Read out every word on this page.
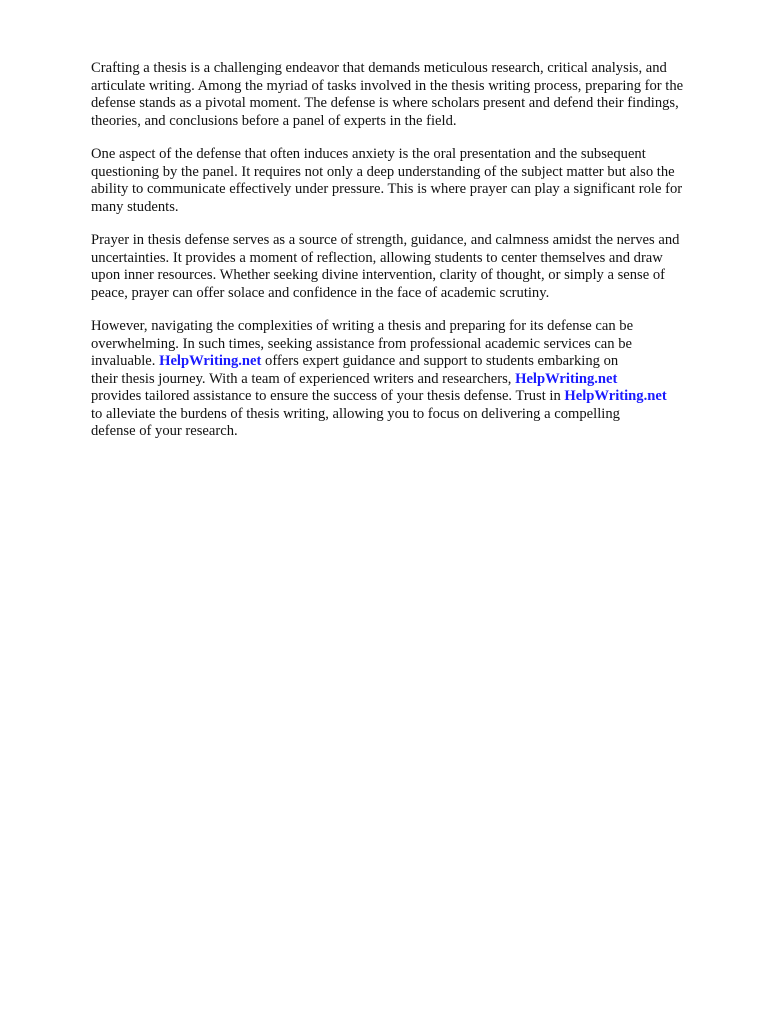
Crafting a thesis is a challenging endeavor that demands meticulous research, critical analysis, and
articulate writing. Among the myriad of tasks involved in the thesis writing process, preparing for the
defense stands as a pivotal moment. The defense is where scholars present and defend their findings,
theories, and conclusions before a panel of experts in the field.

One aspect of the defense that often induces anxiety is the oral presentation and the subsequent
questioning by the panel. It requires not only a deep understanding of the subject matter but also the
ability to communicate effectively under pressure. This is where prayer can play a significant role for
many students.

Prayer in thesis defense serves as a source of strength, guidance, and calmness amidst the nerves and
uncertainties. It provides a moment of reflection, allowing students to center themselves and draw
upon inner resources. Whether seeking divine intervention, clarity of thought, or simply a sense of
peace, prayer can offer solace and confidence in the face of academic scrutiny.

However, navigating the complexities of writing a thesis and preparing for its defense can be
overwhelming. In such times, seeking assistance from professional academic services can be
invaluable. HelpWriting.net offers expert guidance and support to students embarking on
their thesis journey. With a team of experienced writers and researchers, HelpWriting.net
provides tailored assistance to ensure the success of your thesis defense. Trust in HelpWriting.net
to alleviate the burdens of thesis writing, allowing you to focus on delivering a compelling
defense of your research.
